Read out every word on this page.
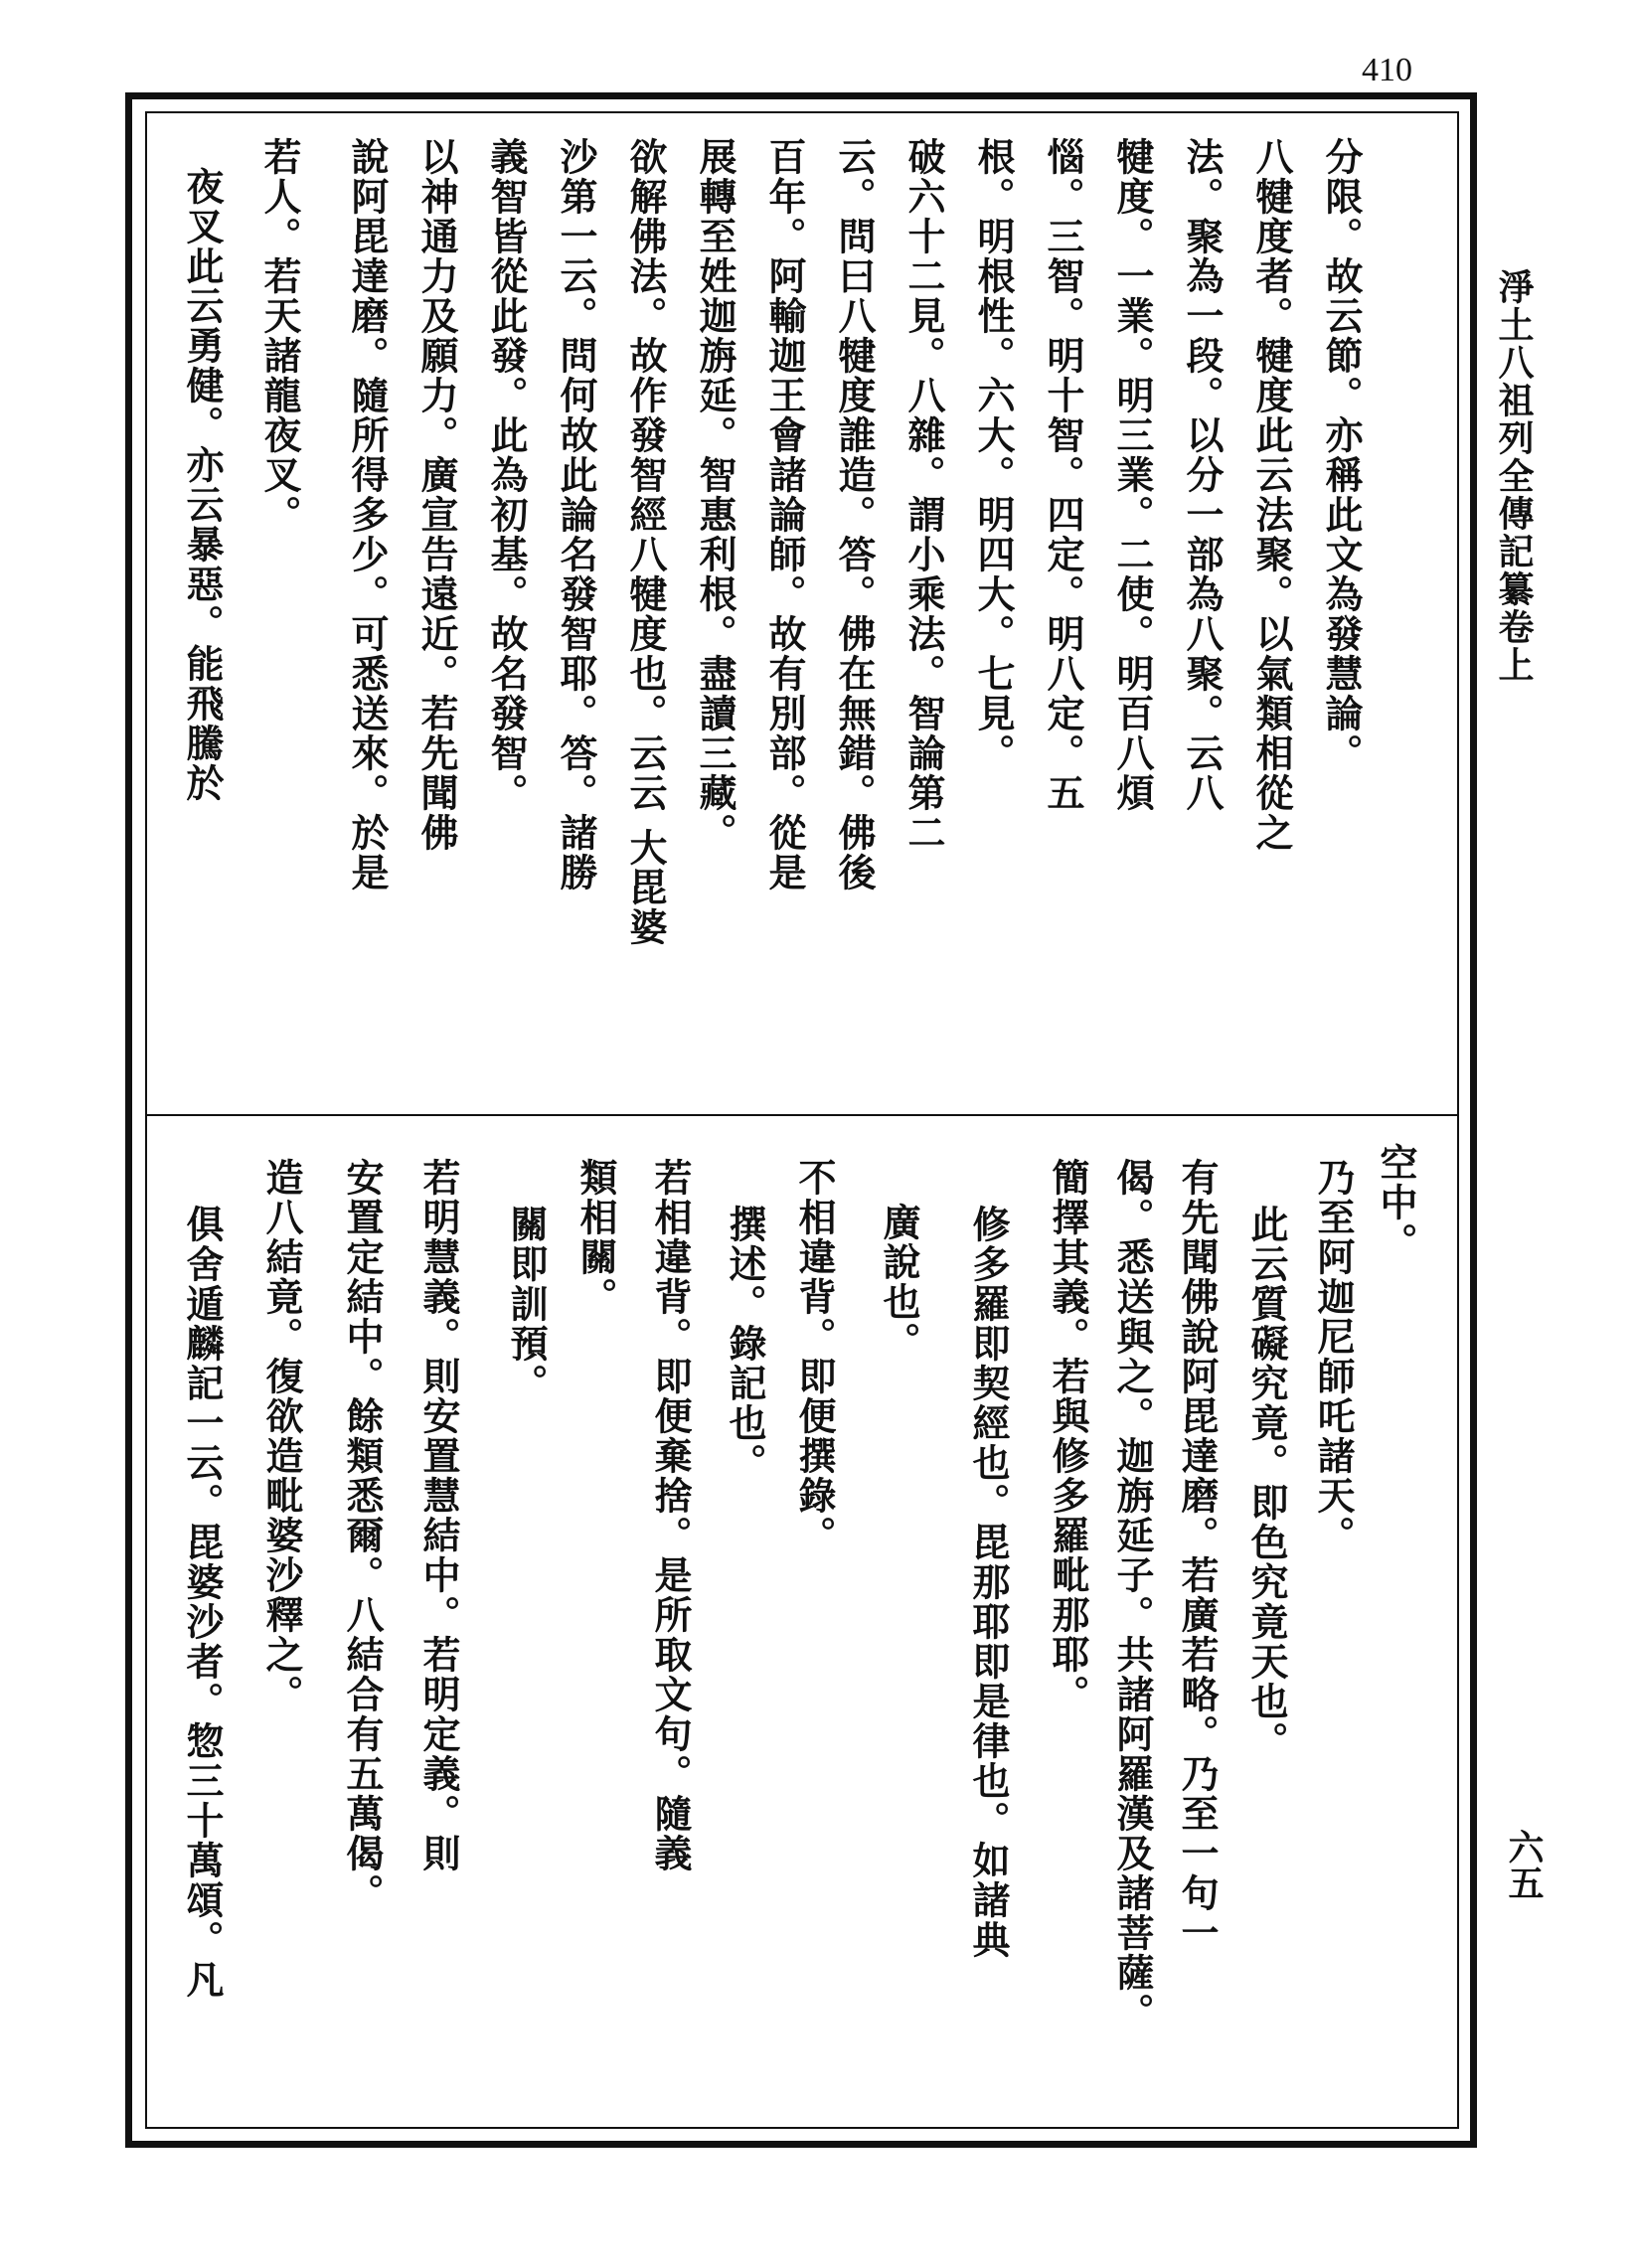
410
淨土八祖列全傳記纂卷上
六五
分限。故云節。亦稱此文為發慧論。
八犍度者。犍度此云法聚。以氣類相從之
法。聚為一段。以分一部為八聚。云八
犍度。一業。明三業。二使。明百八煩
惱。三智。明十智。四定。明八定。五
根。明根性。六大。明四大。七見。
破六十二見。八雜。謂小乘法。智論第二
云。問曰八犍度誰造。答。佛在無錯。佛後
百年。阿輸迦王會諸論師。故有別部。從是
展轉至姓迦旃延。智惠利根。盡讀三藏。
欲解佛法。故作發智經八犍度也。云云 大毘婆
沙第一云。問何故此論名發智耶。答。諸勝
義智皆從此發。此為初基。故名發智。
以神通力及願力。廣宣告遠近。若先聞佛
說阿毘達磨。隨所得多少。可悉送來。於是
若人。若天諸龍夜叉。
夜叉此云勇健。亦云暴惡。能飛騰於
空中。
乃至阿迦尼師吒諸天。
此云質礙究竟。即色究竟天也。
有先聞佛說阿毘達磨。若廣若略。乃至一句一
偈。悉送與之。迦旃延子。共諸阿羅漢及諸菩薩。
簡擇其義。若與修多羅毗那耶。
修多羅即契經也。毘那耶即是律也。如諸典
廣說也。
不相違背。即便撰錄。
撰述。錄記也。
若相違背。即便棄捨。是所取文句。隨義
類相關。
關即訓預。
若明慧義。則安置慧結中。若明定義。則
安置定結中。餘類悉爾。八結合有五萬偈。
造八結竟。復欲造毗婆沙釋之。
俱舍遁麟記一云。毘婆沙者。惣三十萬頌。凡
